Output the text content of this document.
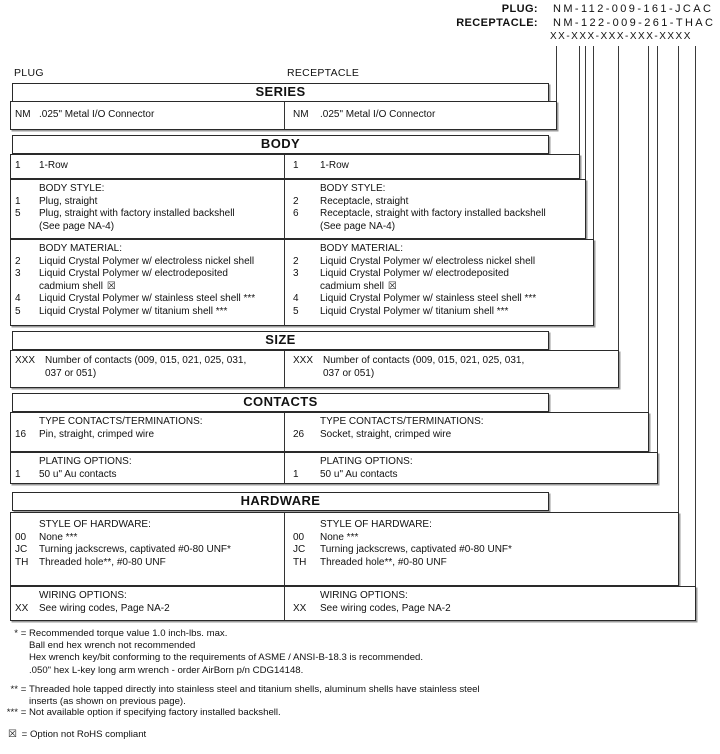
PLUG: NM-112-009-161-JCAC
RECEPTACLE: NM-122-009-261-THAC
XX-XXX-XXX-XXX-XXXX
PLUG	RECEPTACLE
SERIES
NM .025" Metal I/O Connector	NM	.025" Metal I/O Connector
BODY
1	1-Row	1	1-Row
BODY STYLE:
1	Plug, straight
5	Plug, straight with factory installed backshell
(See page NA-4)
BODY STYLE:
2	Receptacle, straight
6	Receptacle, straight with factory installed backshell
(See page NA-4)
BODY MATERIAL:
2	Liquid Crystal Polymer w/ electroless nickel shell
3	Liquid Crystal Polymer w/ electrodeposited
cadmium shell ☒
4	Liquid Crystal Polymer w/ stainless steel shell ***
5	Liquid Crystal Polymer w/ titanium shell ***
BODY MATERIAL:
2	Liquid Crystal Polymer w/ electroless nickel shell
3	Liquid Crystal Polymer w/ electrodeposited
cadmium shell ☒
4	Liquid Crystal Polymer w/ stainless steel shell ***
5	Liquid Crystal Polymer w/ titanium shell ***
SIZE
XXX Number of contacts (009, 015, 021, 025, 031,
037 or 051)
XXX Number of contacts (009, 015, 021, 025, 031,
037 or 051)
CONTACTS
TYPE CONTACTS/TERMINATIONS:
16	Pin, straight, crimped wire
TYPE CONTACTS/TERMINATIONS:
26	Socket, straight, crimped wire
PLATING OPTIONS:
1	50 u" Au contacts
PLATING OPTIONS:
1	50 u" Au contacts
HARDWARE
STYLE OF HARDWARE:
00	None ***
JC	Turning jackscrews, captivated #0-80 UNF*
TH	Threaded hole**, #0-80 UNF
STYLE OF HARDWARE:
00	None ***
JC	Turning jackscrews, captivated #0-80 UNF*
TH	Threaded hole**, #0-80 UNF
WIRING OPTIONS:
XX	See wiring codes, Page NA-2
WIRING OPTIONS:
XX	See wiring codes, Page NA-2
* = Recommended torque value 1.0 inch-lbs. max.
Ball end hex wrench not recommended
Hex wrench key/bit conforming to the requirements of ASME / ANSI-B-18.3 is recommended.
.050" hex L-key long arm wrench - order AirBorn p/n CDG14148.
** = Threaded hole tapped directly into stainless steel and titanium shells, aluminum shells have stainless steel
inserts (as shown on previous page).
*** = Not available option if specifying factory installed backshell.
☒ = Option not RoHS compliant
